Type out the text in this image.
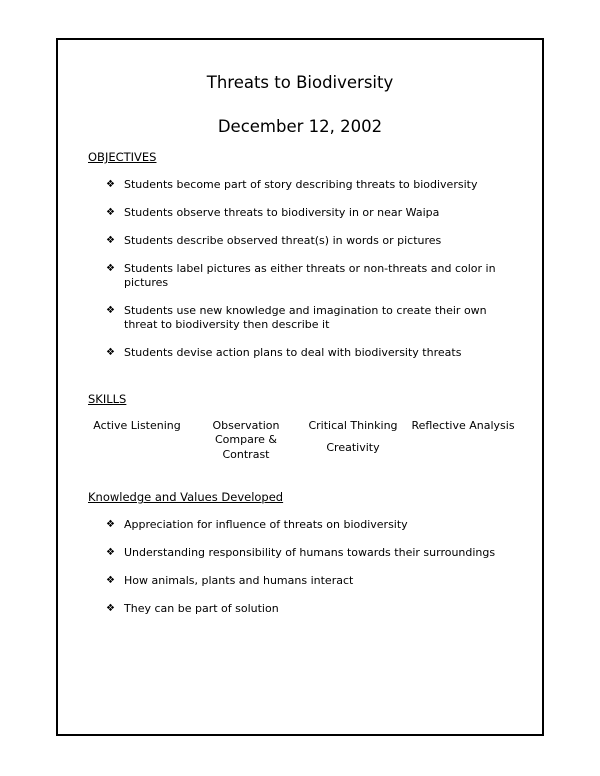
Threats to Biodiversity
December 12, 2002
OBJECTIVES
❖ Students become part of story describing threats to biodiversity
❖ Students observe threats to biodiversity in or near Waipa
❖ Students describe observed threat(s) in words or pictures
❖ Students label pictures as either threats or non-threats and color in pictures
❖ Students use new knowledge and imagination to create their own threat to biodiversity then describe it
❖ Students devise action plans to deal with biodiversity threats
SKILLS
Active Listening	Observation
Compare & Contrast
Critical Thinking
Creativity
Reflective Analysis
Knowledge and Values Developed
❖ Appreciation for influence of threats on biodiversity
❖ Understanding responsibility of humans towards their surroundings
❖ How animals, plants and humans interact
❖ They can be part of solution
